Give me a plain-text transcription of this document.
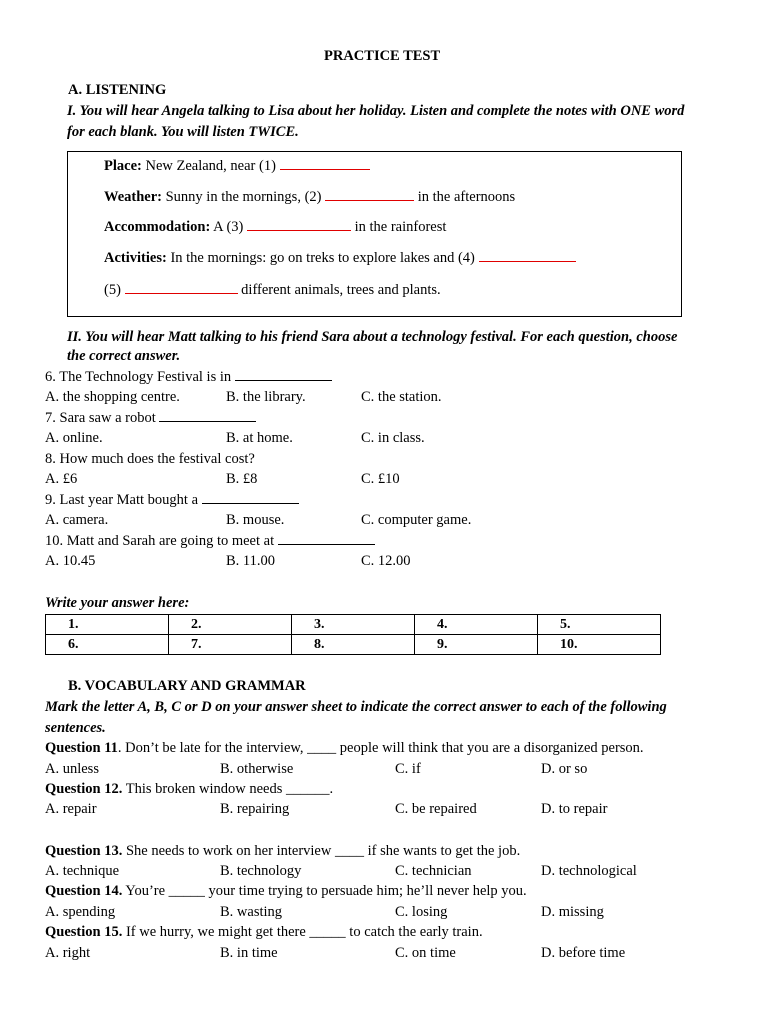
PRACTICE TEST
A. LISTENING
I. You will hear Angela talking to Lisa about her holiday. Listen and complete the notes with ONE word
for each blank. You will listen TWICE.
Place: New Zealand, near (1)
Weather: Sunny in the mornings, (2)	in the afternoons
Accommodation: A (3)	in the rainforest
Activities: In the mornings: go on treks to explore lakes and (4)
(5)	different animals, trees and plants.
II. You will hear Matt talking to his friend Sara about a technology festival. For each question, choose
the correct answer.
6. The Technology Festival is in
A. the shopping centre.	B. the library.	C. the station.
7. Sara saw a robot
A. online.	B. at home.	C. in class.
8. How much does the festival cost?
A. £6	B. £8	C. £10
9. Last year Matt bought a
A. camera.	B. mouse.	C. computer game.
10. Matt and Sarah are going to meet at
A. 10.45	B. 11.00	C. 12.00
Write your answer here:
1.	2.	3.	4.	5.
6.	7.	8.	9.	10.
B. VOCABULARY AND GRAMMAR
Mark the letter A, B, C or D on your answer sheet to indicate the correct answer to each of the following
sentences.
Question 11. Don’t be late for the interview, ____ people will think that you are a disorganized person.
A. unless	B. otherwise	C. if	D. or so
Question 12. This broken window needs ______.
A. repair	B. repairing	C. be repaired	D. to repair
Question 13. She needs to work on her interview ____ if she wants to get the job.
A. technique	B. technology	C. technician	D. technological
Question 14. You’re _____ your time trying to persuade him; he’ll never help you.
A. spending	B. wasting	C. losing	D. missing
Question 15. If we hurry, we might get there _____ to catch the early train.
A. right	B. in time	C. on time	D. before time
